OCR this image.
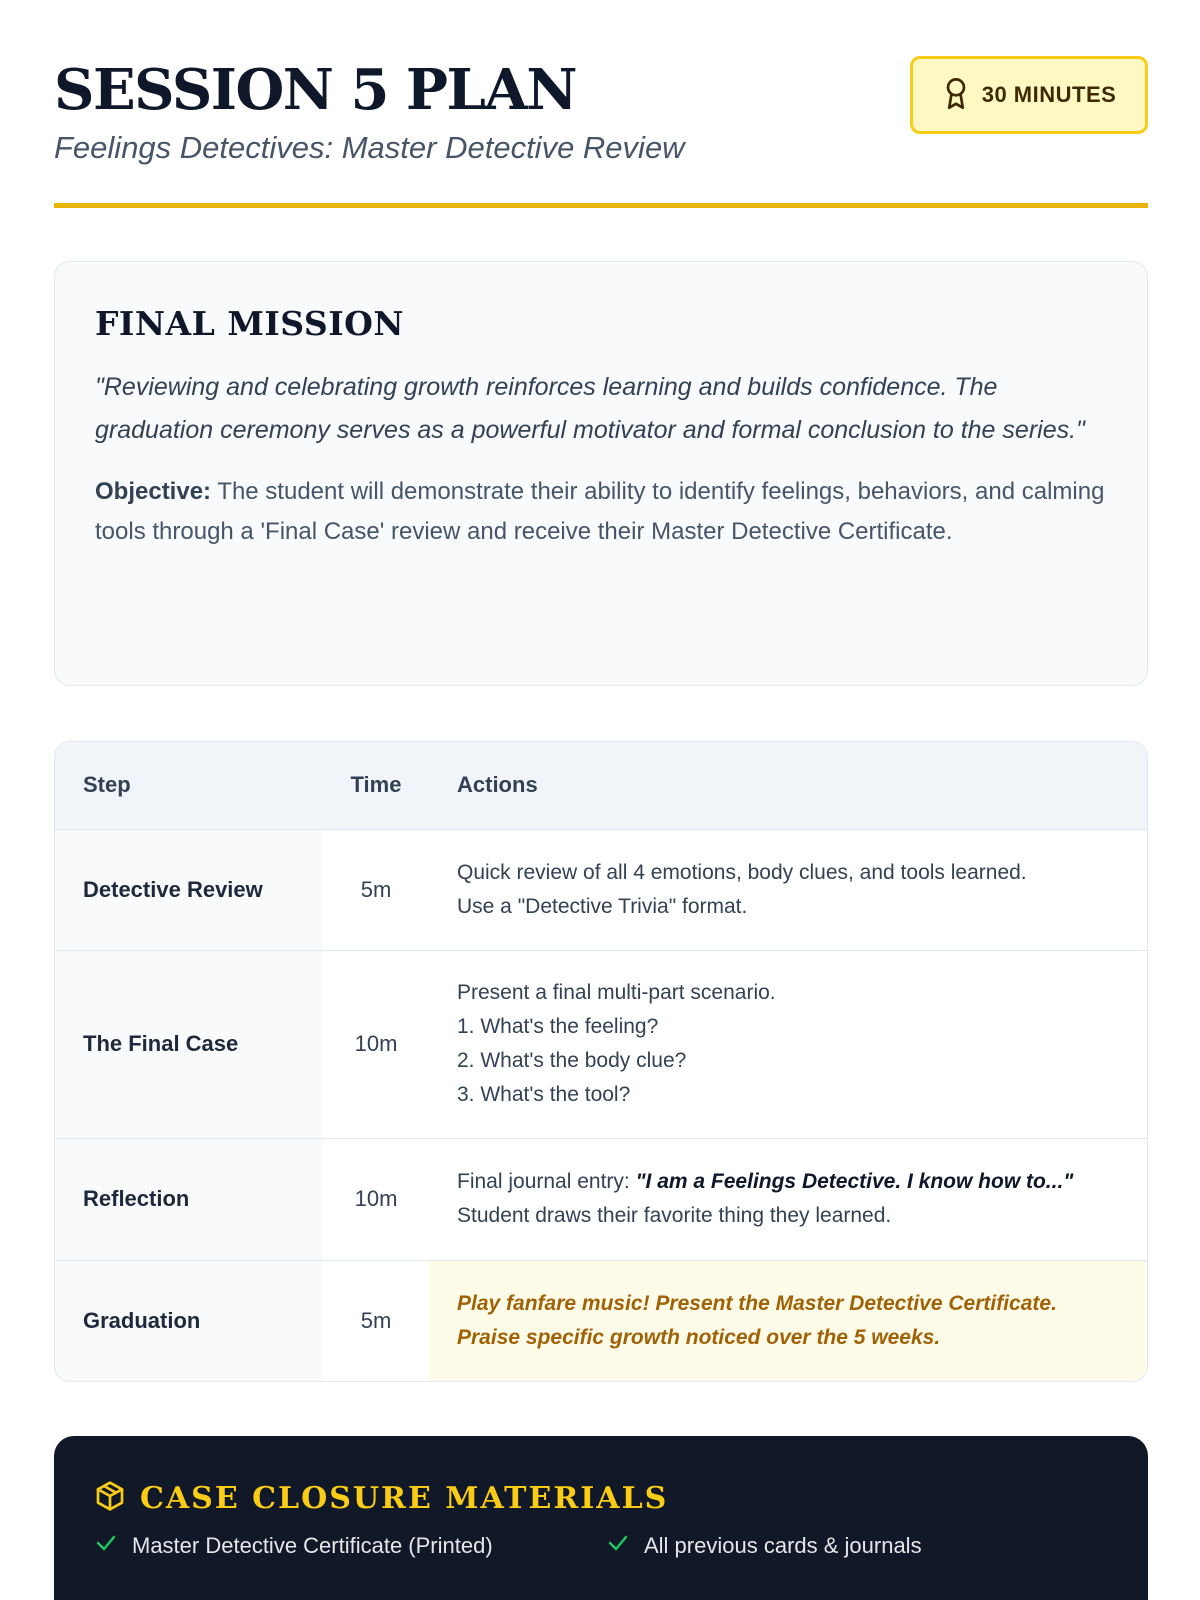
SESSION 5 PLAN
Feelings Detectives: Master Detective Review
30 MINUTES
FINAL MISSION

"Reviewing and celebrating growth reinforces learning and builds confidence. The graduation ceremony serves as a powerful motivator and formal conclusion to the series."

Objective: The student will demonstrate their ability to identify feelings, behaviors, and calming tools through a 'Final Case' review and receive their Master Detective Certificate.

Step	Time	Actions
Detective Review	5m	Quick review of all 4 emotions, body clues, and tools learned.
Use a "Detective Trivia" format.

The Final Case	10m	Present a final multi-part scenario.
1. What's the feeling?
2. What's the body clue?
3. What's the tool?

Reflection	10m	Final journal entry: "I am a Feelings Detective. I know how to..." Student draws their favorite thing they learned.
Graduation	5m	Play fanfare music! Present the Master Detective Certificate. Praise specific growth noticed over the 5 weeks.
CASE CLOSURE MATERIALS
Master Detective Certificate (Printed)	All previous cards & journals
